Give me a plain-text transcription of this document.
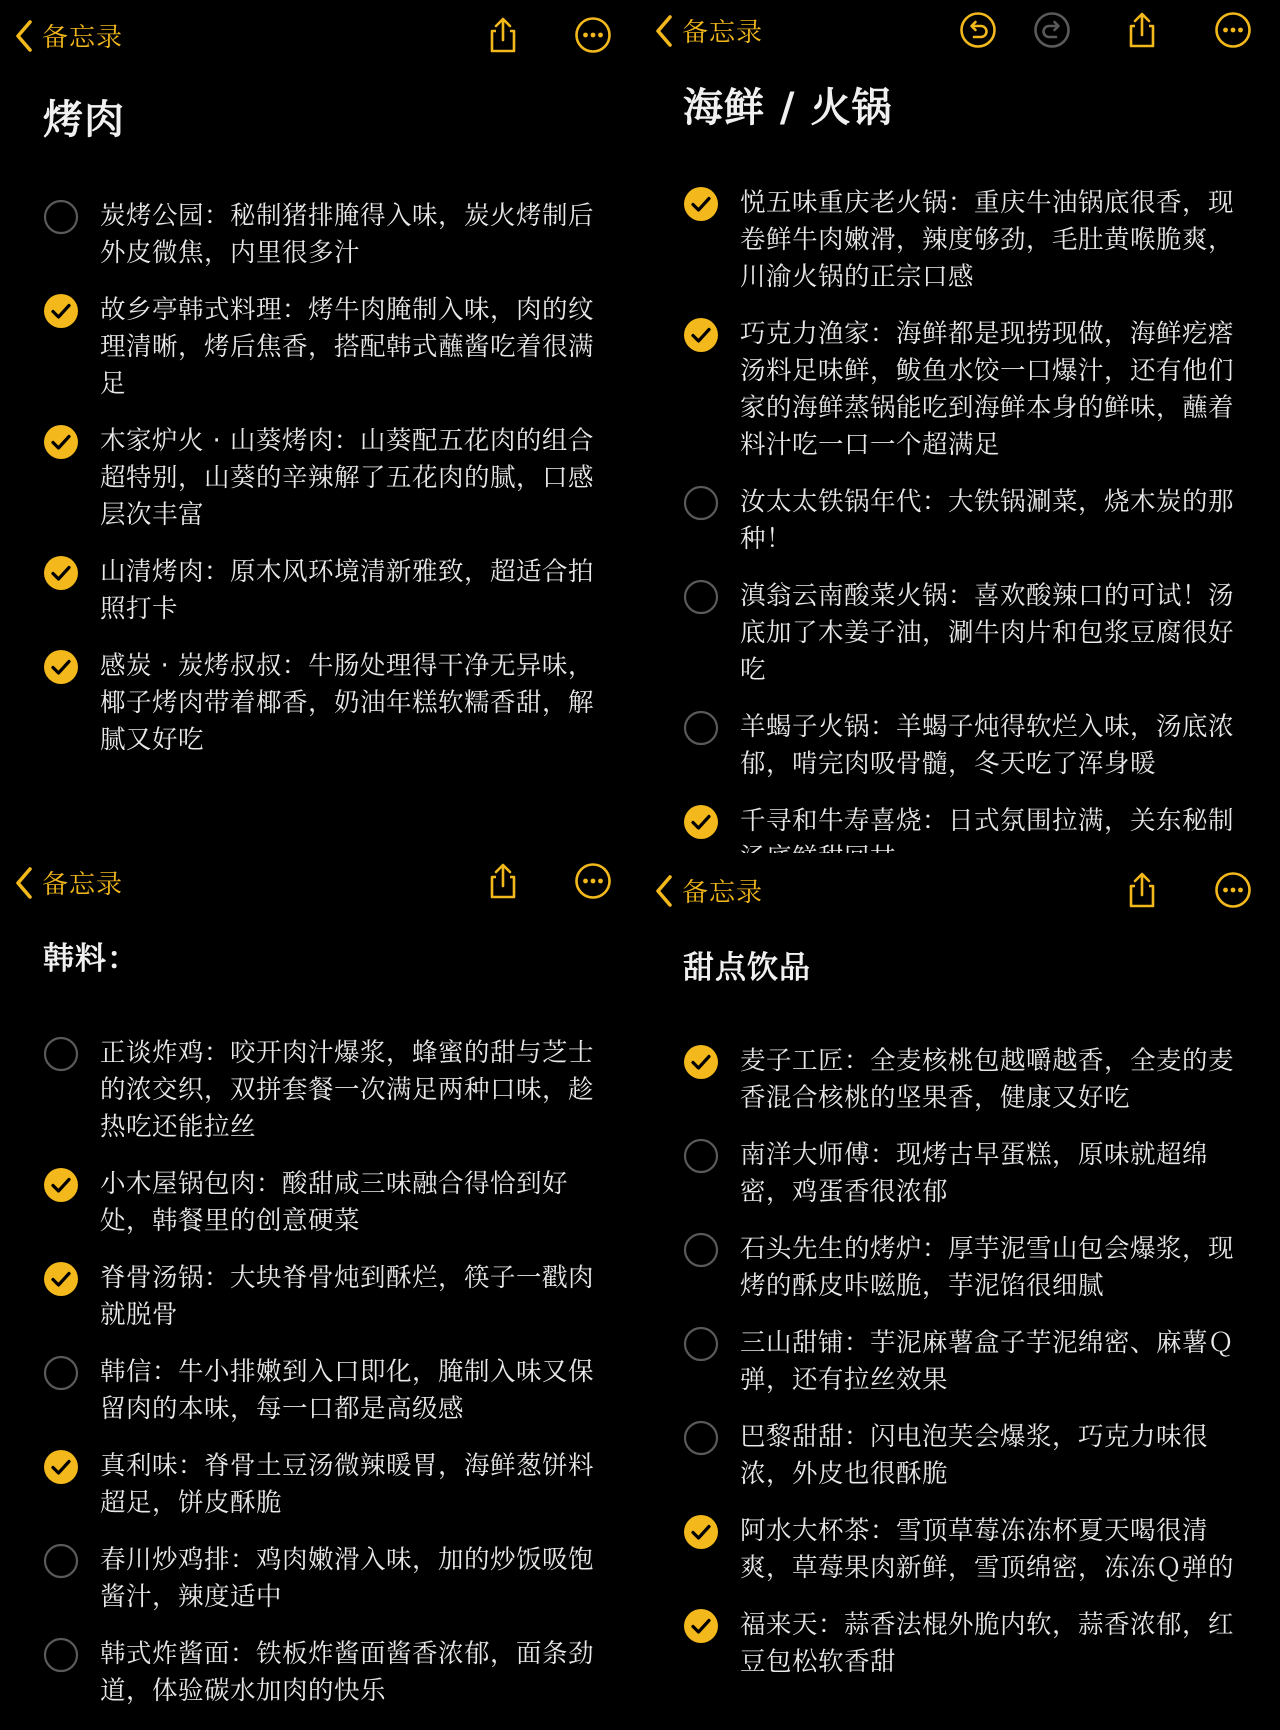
备忘录
烤肉
炭烤公园：秘制猪排腌得入味，炭火烤制后外皮微焦，内里很多汁
故乡亭韩式料理：烤牛肉腌制入味，肉的纹理清晰，烤后焦香，搭配韩式蘸酱吃着很满足
木家炉火 · 山葵烤肉：山葵配五花肉的组合超特别，山葵的辛辣解了五花肉的腻，口感层次丰富
山清烤肉：原木风环境清新雅致，超适合拍照打卡
感炭 · 炭烤叔叔：牛肠处理得干净无异味，椰子烤肉带着椰香，奶油年糕软糯香甜，解腻又好吃
备忘录
海鲜 / 火锅
悦五味重庆老火锅：重庆牛油锅底很香，现卷鲜牛肉嫩滑，辣度够劲，毛肚黄喉脆爽，川渝火锅的正宗口感
巧克力渔家：海鲜都是现捞现做，海鲜疙瘩汤料足味鲜，鲅鱼水饺一口爆汁，还有他们家的海鲜蒸锅能吃到海鲜本身的鲜味，蘸着料汁吃一口一个超满足
汝太太铁锅年代：大铁锅涮菜，烧木炭的那种！
滇翁云南酸菜火锅：喜欢酸辣口的可试！汤底加了木姜子油，涮牛肉片和包浆豆腐很好吃
羊蝎子火锅：羊蝎子炖得软烂入味，汤底浓郁，啃完肉吸骨髓，冬天吃了浑身暖
千寻和牛寿喜烧：日式氛围拉满，关东秘制
备忘录
韩料：
正谈炸鸡：咬开肉汁爆浆，蜂蜜的甜与芝士的浓交织，双拼套餐一次满足两种口味，趁热吃还能拉丝
小木屋锅包肉：酸甜咸三味融合得恰到好处，韩餐里的创意硬菜
脊骨汤锅：大块脊骨炖到酥烂，筷子一戳肉就脱骨
韩信：牛小排嫩到入口即化，腌制入味又保留肉的本味，每一口都是高级感
真利味：脊骨土豆汤微辣暖胃，海鲜葱饼料超足，饼皮酥脆
春川炒鸡排：鸡肉嫩滑入味，加的炒饭吸饱酱汁，辣度适中
韩式炸酱面：铁板炸酱面酱香浓郁，面条劲道，体验碳水加肉的快乐
备忘录
甜点饮品
麦子工匠：全麦核桃包越嚼越香，全麦的麦香混合核桃的坚果香，健康又好吃
南洋大师傅：现烤古早蛋糕，原味就超绵密，鸡蛋香很浓郁
石头先生的烤炉：厚芋泥雪山包会爆浆，现烤的酥皮咔嗞脆，芋泥馅很细腻
三山甜铺：芋泥麻薯盒子芋泥绵密、麻薯Ｑ弹，还有拉丝效果
巴黎甜甜：闪电泡芙会爆浆，巧克力味很浓，外皮也很酥脆
阿水大杯茶：雪顶草莓冻冻杯夏天喝很清爽，草莓果肉新鲜，雪顶绵密，冻冻Ｑ弹的
福来天：蒜香法棍外脆内软，蒜香浓郁，红豆包松软香甜
